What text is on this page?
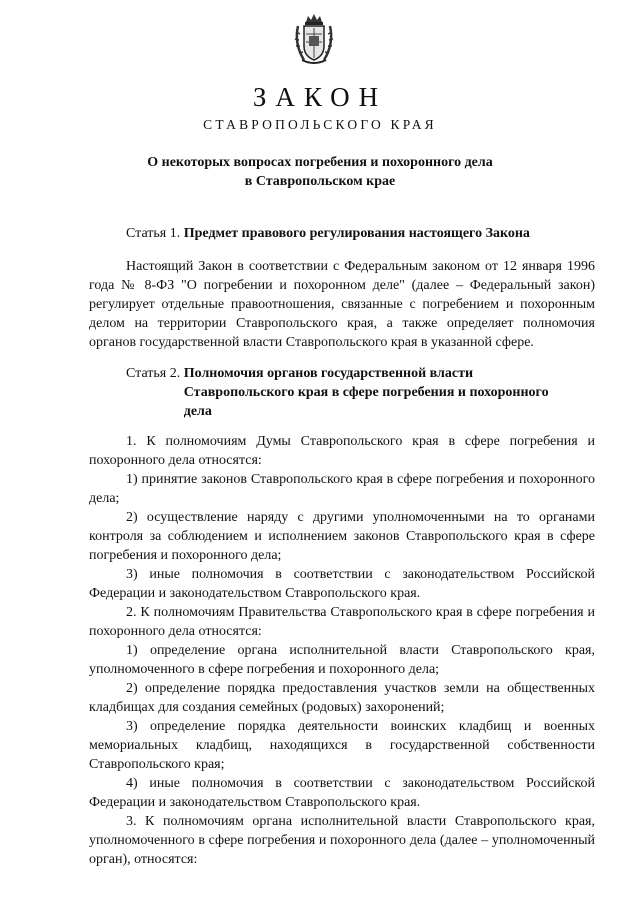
ЗАКОН
СТАВРОПОЛЬСКОГО КРАЯ
О некоторых вопросах погребения и похоронного дела
в Ставропольском крае
Статья 1. Предмет правового регулирования настоящего Закона
Настоящий Закон в соответствии с Федеральным законом от 12 января 1996 года № 8-ФЗ "О погребении и похоронном деле" (далее – Федеральный закон) регулирует отдельные правоотношения, связанные с погребением и похоронным делом на территории Ставропольского края, а также определяет полномочия органов государственной власти Ставропольского края в указанной сфере.
Статья 2. Полномочия органов государственной власти
Ставропольского края в сфере погребения и похоронного
дела
1. К полномочиям Думы Ставропольского края в сфере погребения и похоронного дела относятся:
1) принятие законов Ставропольского края в сфере погребения и похоронного дела;
2) осуществление наряду с другими уполномоченными на то органами контроля за соблюдением и исполнением законов Ставропольского края в сфере погребения и похоронного дела;
3) иные полномочия в соответствии с законодательством Российской Федерации и законодательством Ставропольского края.
2. К полномочиям Правительства Ставропольского края в сфере погребения и похоронного дела относятся:
1) определение органа исполнительной власти Ставропольского края, уполномоченного в сфере погребения и похоронного дела;
2) определение порядка предоставления участков земли на общественных кладбищах для создания семейных (родовых) захоронений;
3) определение порядка деятельности воинских кладбищ и военных мемориальных кладбищ, находящихся в государственной собственности Ставропольского края;
4) иные полномочия в соответствии с законодательством Российской Федерации и законодательством Ставропольского края.
3. К полномочиям органа исполнительной власти Ставропольского края, уполномоченного в сфере погребения и похоронного дела (далее – уполномоченный орган), относятся:
